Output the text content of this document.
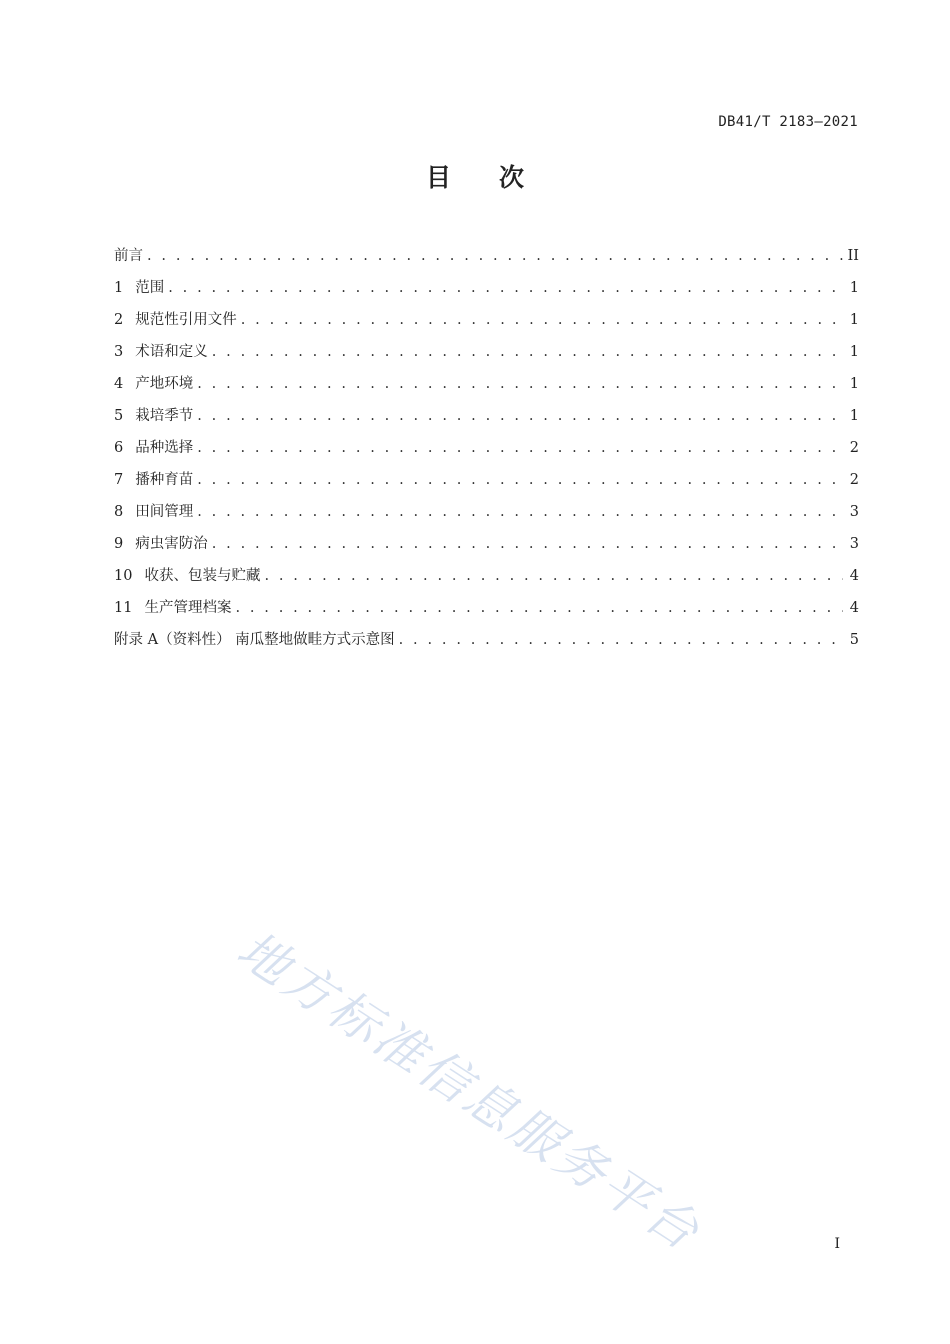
DB41/T 2183—2021
目次
前言 . . .	II
1 范围 . . .	1
2 规范性引用文件 . . .	1
3 术语和定义 . . .	1
4 产地环境 . . .	1
5 栽培季节 . . .	1
6 品种选择 . . .	2
7 播种育苗 . . .	2
8 田间管理 . . .	3
9 病虫害防治 . . .	3
10 收获、包装与贮藏 . . .	4
11 生产管理档案 . . .	4
附录 A（资料性） 南瓜整地做畦方式示意图 . . .	5
地方标准信息服务平台	I
